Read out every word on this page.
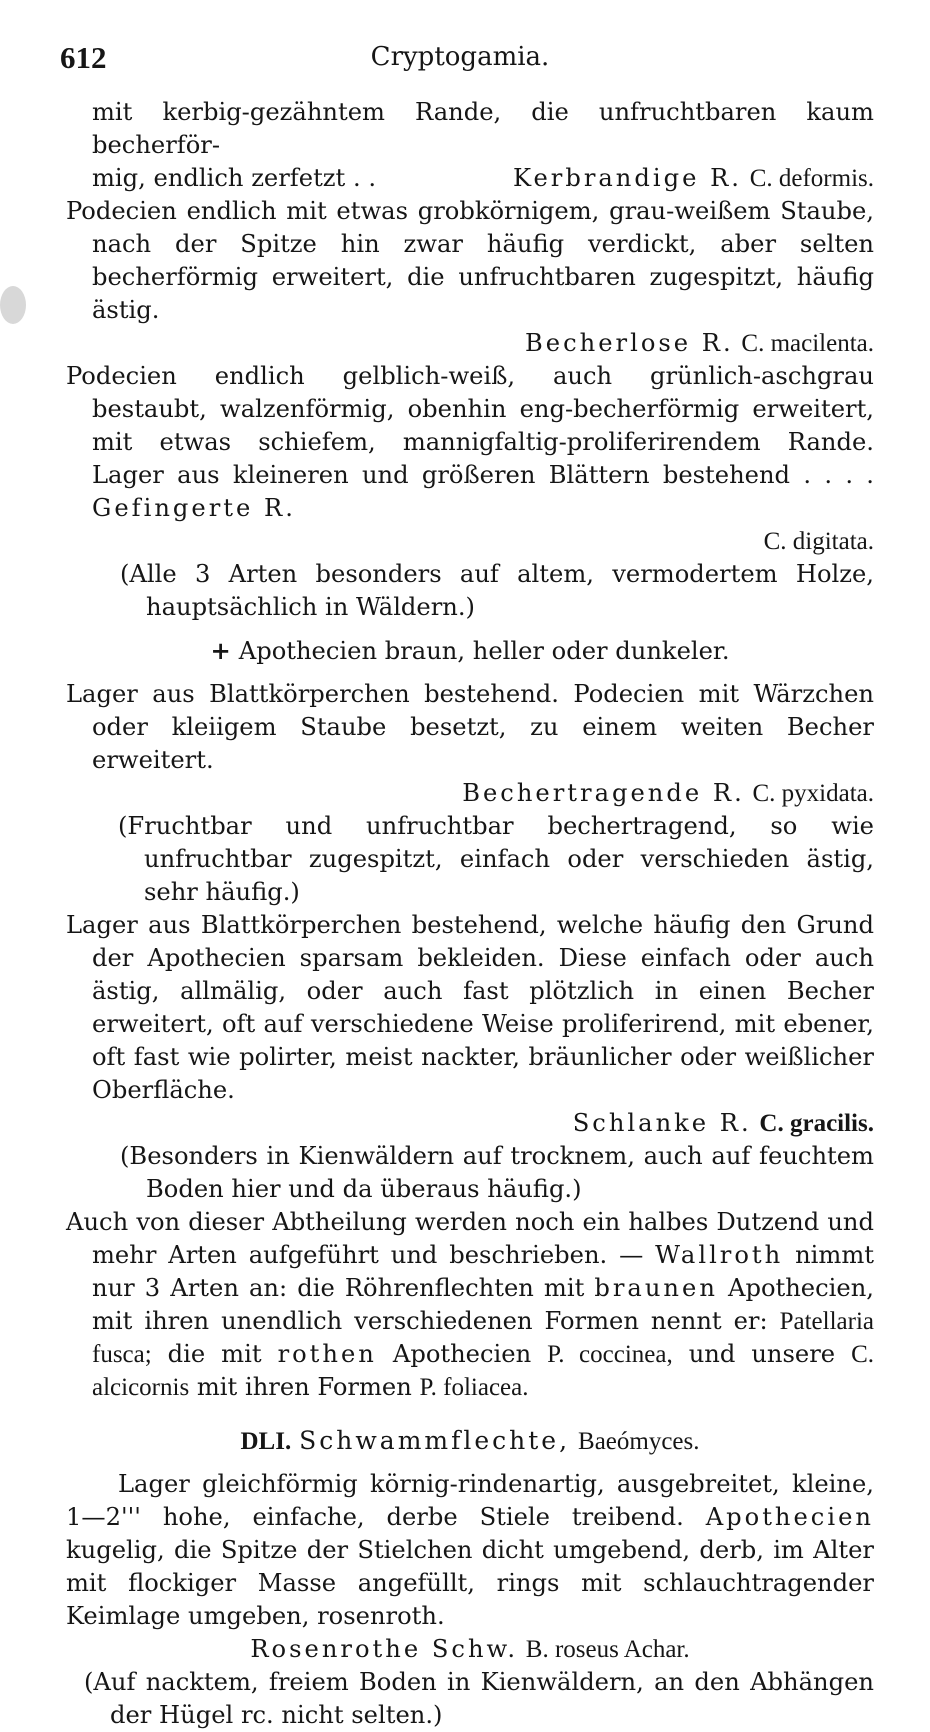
612	Cryptogamia.

mit kerbig-gezähntem Rande, die unfruchtbaren kaum becherför-

mig, endlich zerfetzt . .	Kerbrandige R. C. deformis.

Podecien endlich mit etwas grobkörnigem, grau-weißem Staube, nach der Spitze hin zwar häufig verdickt, aber selten becherförmig erweitert, die unfruchtbaren zugespitzt, häufig ästig.

Becherlose R. C. macilenta.

Podecien endlich gelblich-weiß, auch grünlich-aschgrau bestaubt, walzenförmig, obenhin eng-becherförmig erweitert, mit etwas schiefem, mannigfaltig-proliferirendem Rande. Lager aus kleineren und größeren Blättern bestehend . . . . Gefingerte R.

C. digitata.

(Alle 3 Arten besonders auf altem, vermodertem Holze, hauptsächlich in Wäldern.)

+ Apothecien braun, heller oder dunkeler.

Lager aus Blattkörperchen bestehend. Podecien mit Wärzchen oder kleiigem Staube besetzt, zu einem weiten Becher erweitert.

Bechertragende R. C. pyxidata.

(Fruchtbar und unfruchtbar bechertragend, so wie unfruchtbar zugespitzt, einfach oder verschieden ästig, sehr häufig.)

Lager aus Blattkörperchen bestehend, welche häufig den Grund der Apothecien sparsam bekleiden. Diese einfach oder auch ästig, allmälig, oder auch fast plötzlich in einen Becher erweitert, oft auf verschiedene Weise proliferirend, mit ebener, oft fast wie polirter, meist nackter, bräunlicher oder weißlicher Oberfläche.

Schlanke R. C. gracilis.

(Besonders in Kienwäldern auf trocknem, auch auf feuchtem Boden hier und da überaus häufig.)

Auch von dieser Abtheilung werden noch ein halbes Dutzend und mehr Arten aufgeführt und beschrieben. — Wallroth nimmt nur 3 Arten an: die Röhrenflechten mit braunen Apothecien, mit ihren unendlich verschiedenen Formen nennt er: Patellaria fusca; die mit rothen Apothecien P. coccinea, und unsere C. alcicornis mit ihren Formen P. foliacea.

DLI. Schwammflechte, Baeómyces.

Lager gleichförmig körnig-rindenartig, ausgebreitet, kleine, 1—2''' hohe, einfache, derbe Stiele treibend. Apothecien kugelig, die Spitze der Stielchen dicht umgebend, derb, im Alter mit flockiger Masse angefüllt, rings mit schlauchtragender Keimlage umgeben, rosenroth.

Rosenrothe Schw. B. roseus Achar.

(Auf nacktem, freiem Boden in Kienwäldern, an den Abhängen der Hügel rc. nicht selten.)
